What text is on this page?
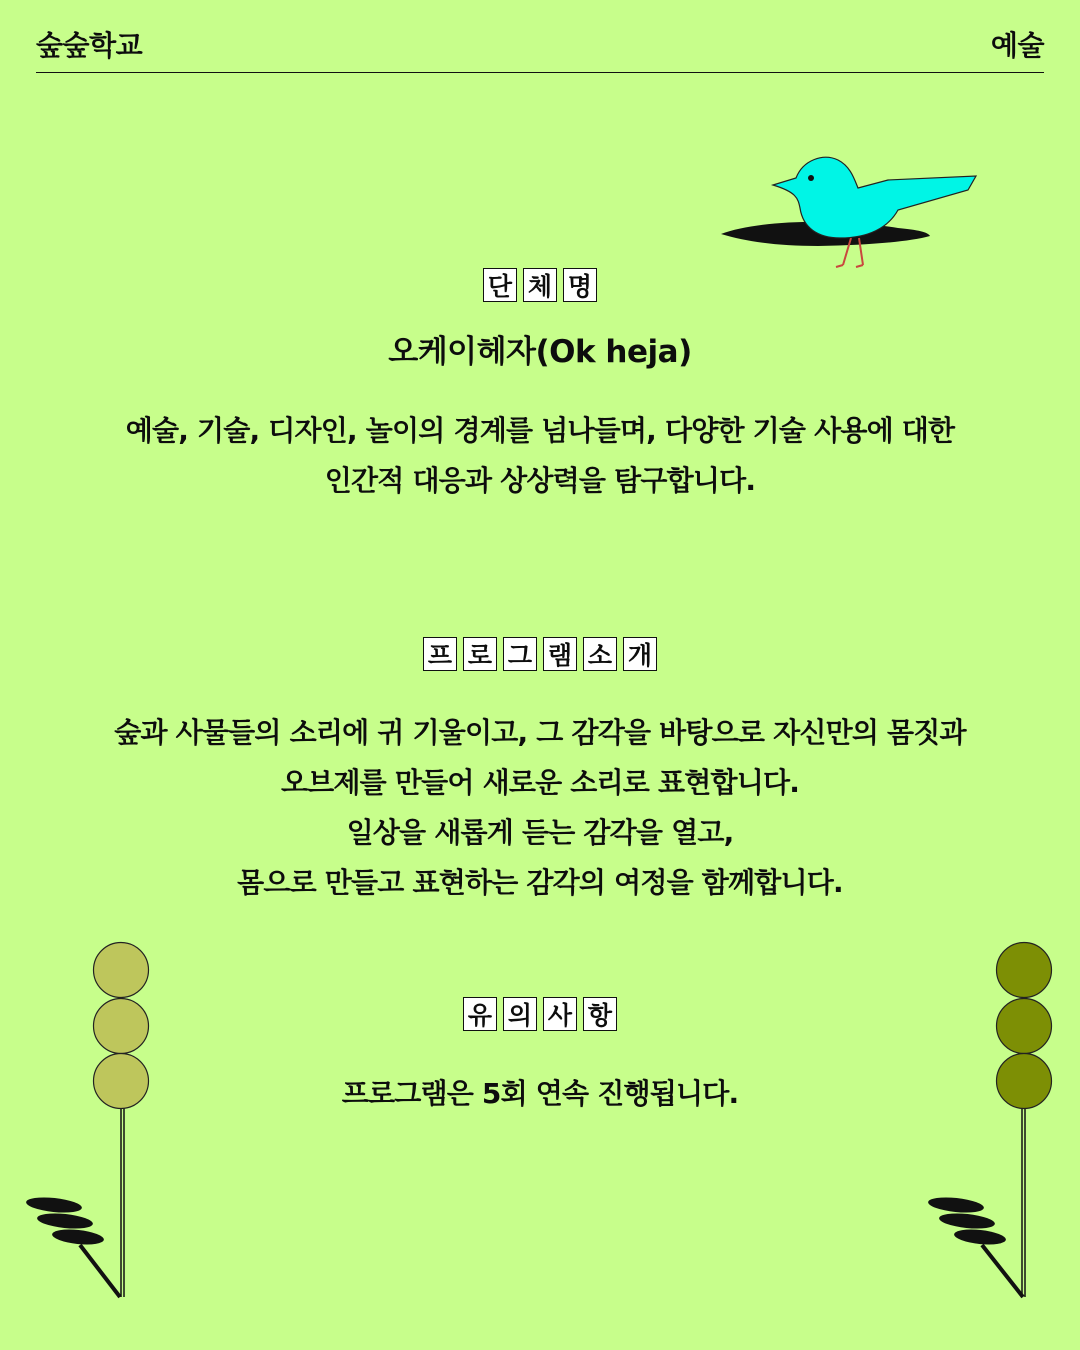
숲숲학교	예술
단 체 명
오케이헤자(Ok heja)
예술, 기술, 디자인, 놀이의 경계를 넘나들며, 다양한 기술 사용에 대한
인간적 대응과 상상력을 탐구합니다.
프 로 그 램 소 개
숲과 사물들의 소리에 귀 기울이고, 그 감각을 바탕으로 자신만의 몸짓과
오브제를 만들어 새로운 소리로 표현합니다.
일상을 새롭게 듣는 감각을 열고,
몸으로 만들고 표현하는 감각의 여정을 함께합니다.
유 의 사 항
프로그램은 5회 연속 진행됩니다.
